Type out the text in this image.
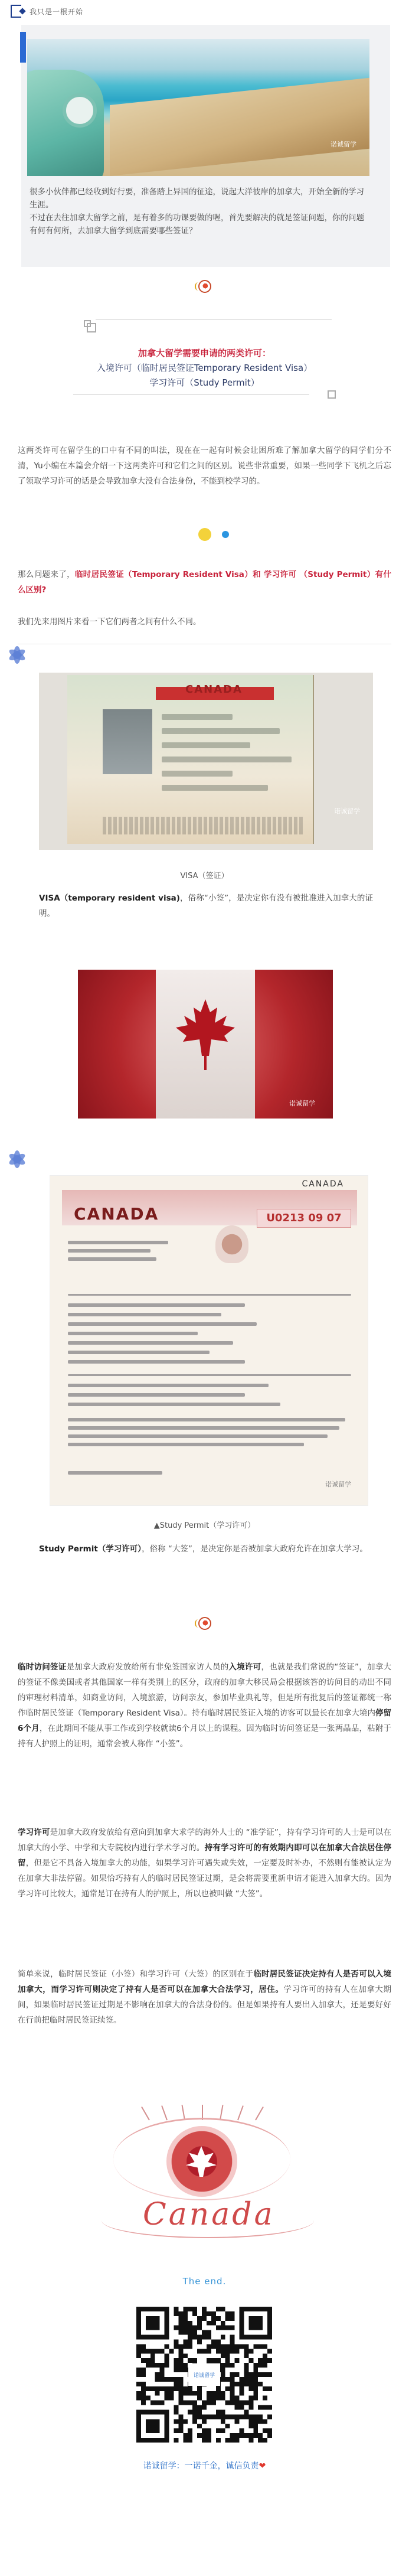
我只是一根开始
诺诚留学

很多小伙伴都已经收到好行要，准备踏上异国的征途，说起大洋彼岸的加拿大，开始全新的学习生涯。

不过在去往加拿大留学之前，是有着多的功课要做的喔，首先要解决的就是签证问题，你的问题有何有何所，去加拿大留学到底需要哪些签证？

加拿大留学需要申请的两类许可：
入境许可（临时居民签证Temporary Resident Visa）
学习许可（Study Permit）
这两类许可在留学生的口中有不同的叫法，现在在一起有时候会让困所难了解加拿大留学的同学们分不清，Yu小编在本篇会介绍一下这两类许可和它们之间的区别。说些非常重要，如果一些同学下飞机之后忘了领取学习许可的话是会导致加拿大没有合法身份，不能到校学习的。
那么问题来了，临时居民签证（Temporary Resident Visa）和 学习许可 （Study Permit）有什么区别?
我们先来用图片来看一下它们两者之间有什么不同。
CANADA
诺诚留学
VISA（签证）
VISA（temporary resident visa)，俗称“小签”，是决定你有没有被批准进入加拿大的证明。
诺诚留学
CANADA
CANADA	U0213 09 07
诺诚留学
▲Study Permit（学习许可）
Study Permit（学习许可），俗称 “大签”，是决定你是否被加拿大政府允许在加拿大学习。
临时访问签证是加拿大政府发放给所有非免签国家访人员的入境许可，也就是我们常说的“签证”，加拿大的签证不像美国或者其他国家一样有类别上的区分，政府的加拿大移民局会根据该答的访问目的动出不同的审理材料清单，如商业访问，入境旅游，访问亲友，参加毕业典礼等，但是所有批复后的签证都统一称作临时居民签证（Temporary Resident Visa）。持有临时居民签证入境的访客可以最长在加拿大境内停留6个月，在此期间不能从事工作或到学校就读6个月以上的课程。因为临时访问签证是一张两晶品，粘附于持有人护照上的证明，通常会被人称作 “小签”。
学习许可是加拿大政府发放给有意向到加拿大求学的海外人士的 “准学证”，持有学习许可的人士是可以在加拿大的小学、中学和大专院校内进行学术学习的。持有学习许可的有效期内即可以在加拿大合法居住停留，但是它不具备入境加拿大的功能，如果学习许可遇失或失效，一定要及时补办，不然则有能被认定为在加拿大非法停留。如果恰巧持有人的临时居民签证过期，是会将需要重新申请才能进入加拿大的。因为学习许可比较大，通常是订在持有人的护照上，所以也被叫做 “大签”。
简单来说，临时居民签证（小签）和学习许可（大签）的区别在于临时居民签证决定持有人是否可以入境加拿大，而学习许可则决定了持有人是否可以在加拿大合法学习，居住。学习许可的持有人在加拿大期间，如果临时居民签证过期是不影响在加拿大的合法身份的。但是如果持有人要出入加拿大，还是要好好在行前把临时居民签证续签。
Canada
The end.
诺诚留学
诺诚留学：一诺千金，诚信负责❤
